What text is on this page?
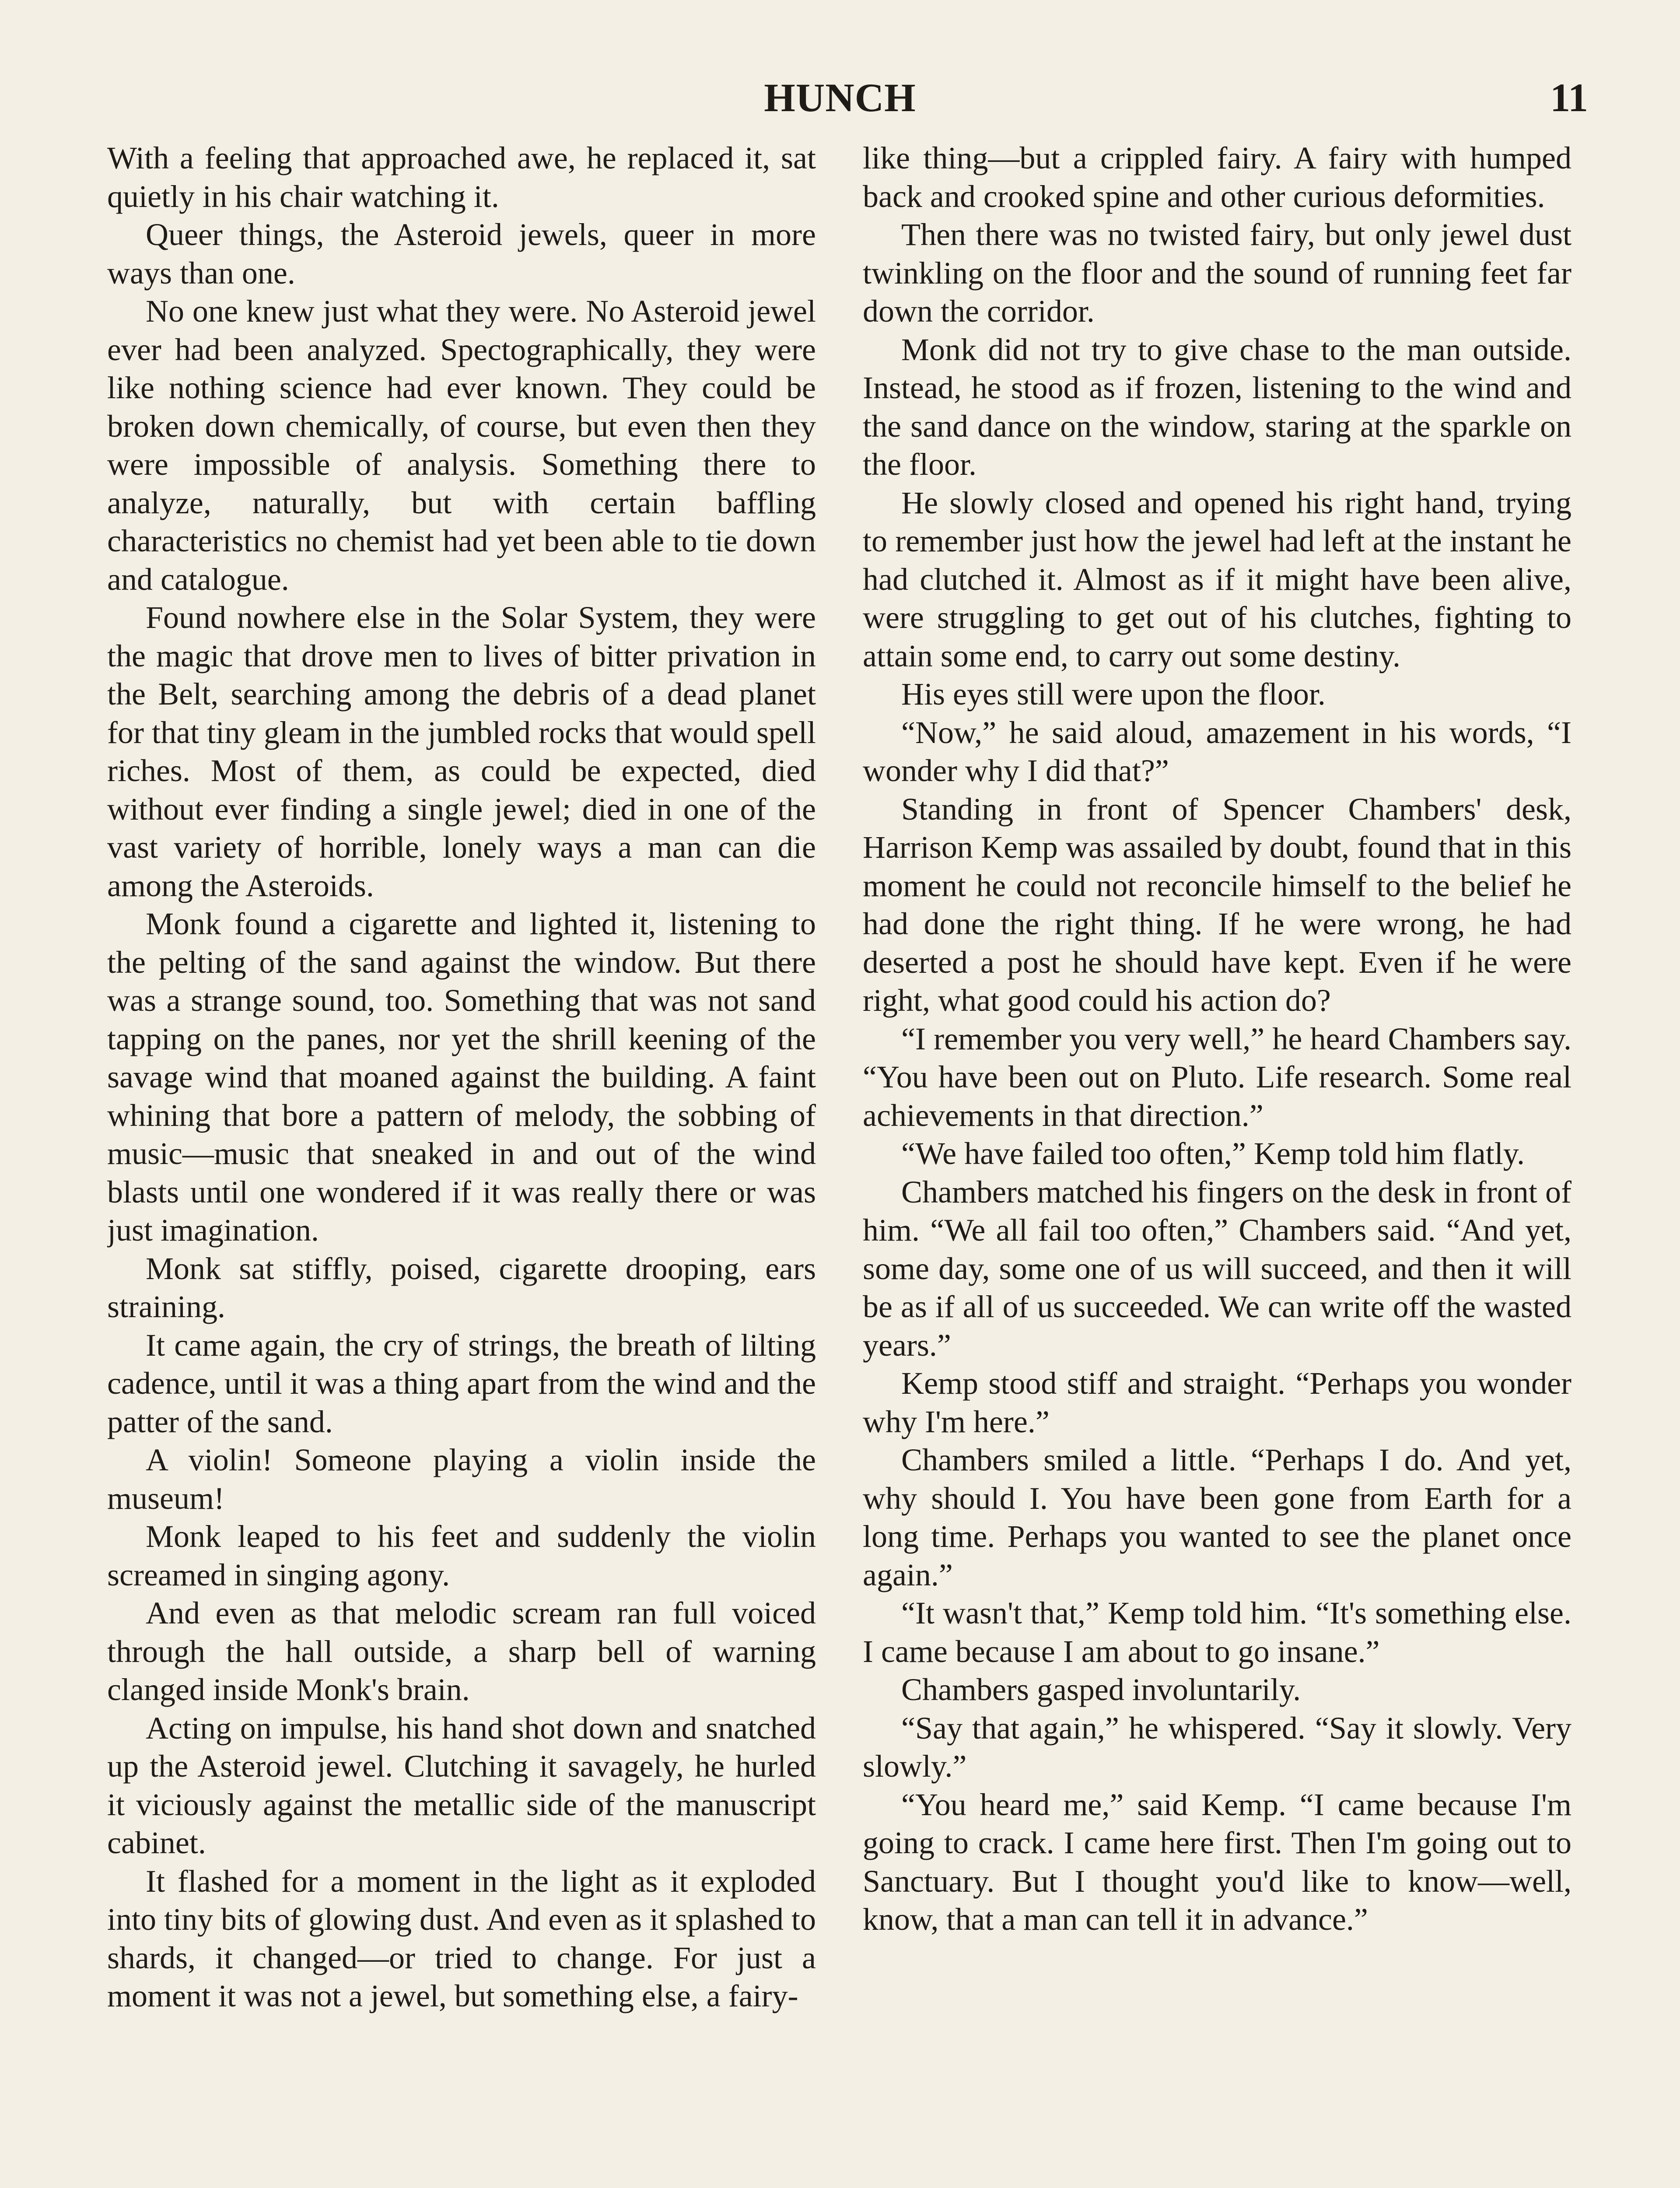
HUNCH	11

With a feeling that approached awe, he replaced it, sat quietly in his chair watching it.

Queer things, the Asteroid jewels, queer in more ways than one.

No one knew just what they were. No Asteroid jewel ever had been analyzed. Spectographically, they were like nothing science had ever known. They could be broken down chemically, of course, but even then they were impossible of analysis. Something there to analyze, naturally, but with certain baffling characteristics no chemist had yet been able to tie down and catalogue.

Found nowhere else in the Solar System, they were the magic that drove men to lives of bitter privation in the Belt, searching among the debris of a dead planet for that tiny gleam in the jumbled rocks that would spell riches. Most of them, as could be expected, died without ever finding a single jewel; died in one of the vast variety of horrible, lonely ways a man can die among the Asteroids.

Monk found a cigarette and lighted it, listening to the pelting of the sand against the window. But there was a strange sound, too. Something that was not sand tapping on the panes, nor yet the shrill keening of the savage wind that moaned against the building. A faint whining that bore a pattern of melody, the sobbing of music—music that sneaked in and out of the wind blasts until one wondered if it was really there or was just imagination.

Monk sat stiffly, poised, cigarette drooping, ears straining.

It came again, the cry of strings, the breath of lilting cadence, until it was a thing apart from the wind and the patter of the sand.

A violin! Someone playing a violin inside the museum!

Monk leaped to his feet and suddenly the violin screamed in singing agony.

And even as that melodic scream ran full voiced through the hall outside, a sharp bell of warning clanged inside Monk's brain.

Acting on impulse, his hand shot down and snatched up the Asteroid jewel. Clutching it savagely, he hurled it viciously against the metallic side of the manuscript cabinet.

It flashed for a moment in the light as it exploded into tiny bits of glowing dust. And even as it splashed to shards, it changed—or tried to change. For just a moment it was not a jewel, but something else, a fairy-

like thing—but a crippled fairy. A fairy with humped back and crooked spine and other curious deformities.

Then there was no twisted fairy, but only jewel dust twinkling on the floor and the sound of running feet far down the corridor.

Monk did not try to give chase to the man outside. Instead, he stood as if frozen, listening to the wind and the sand dance on the window, staring at the sparkle on the floor.

He slowly closed and opened his right hand, trying to remember just how the jewel had left at the instant he had clutched it. Almost as if it might have been alive, were struggling to get out of his clutches, fighting to attain some end, to carry out some destiny.

His eyes still were upon the floor.

“Now,” he said aloud, amazement in his words, “I wonder why I did that?”

Standing in front of Spencer Chambers' desk, Harrison Kemp was assailed by doubt, found that in this moment he could not reconcile himself to the belief he had done the right thing. If he were wrong, he had deserted a post he should have kept. Even if he were right, what good could his action do?

“I remember you very well,” he heard Chambers say. “You have been out on Pluto. Life research. Some real achievements in that direction.”

“We have failed too often,” Kemp told him flatly.

Chambers matched his fingers on the desk in front of him. “We all fail too often,” Chambers said. “And yet, some day, some one of us will succeed, and then it will be as if all of us succeeded. We can write off the wasted years.”

Kemp stood stiff and straight. “Perhaps you wonder why I'm here.”

Chambers smiled a little. “Perhaps I do. And yet, why should I. You have been gone from Earth for a long time. Perhaps you wanted to see the planet once again.”

“It wasn't that,” Kemp told him. “It's something else. I came because I am about to go insane.”

Chambers gasped involuntarily.

“Say that again,” he whispered. “Say it slowly. Very slowly.”

“You heard me,” said Kemp. “I came because I'm going to crack. I came here first. Then I'm going out to Sanctuary. But I thought you'd like to know—well, know, that a man can tell it in advance.”
